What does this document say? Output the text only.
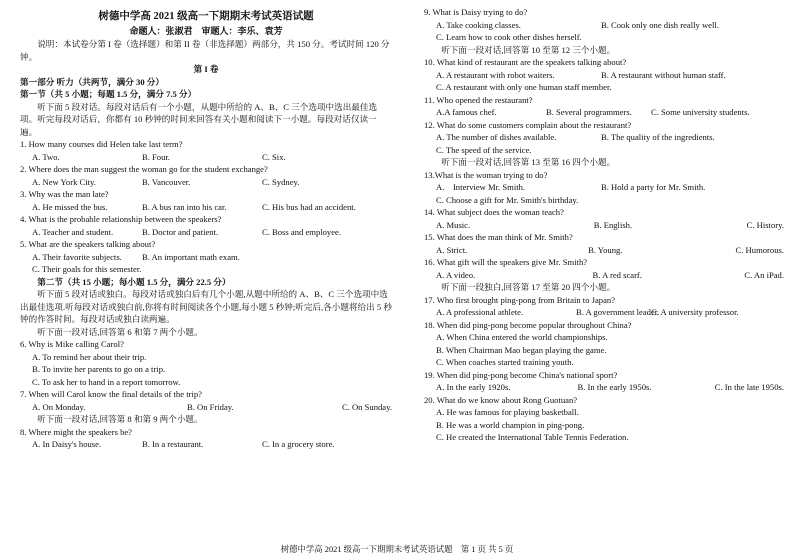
树德中学高 2021 级高一下期期末考试英语试题
命题人：张淑君　审题人：李乐、袁芳
说明：本试卷分第 I 卷（选择题）和第 II 卷（非选择题）两部分，共 150 分。考试时间 120 分钟。
第 I 卷
第一部分 听力（共两节，满分 30 分）
第一节（共 5 小题；每题 1.5 分，满分 7.5 分）
听下面 5 段对话。每段对话后有一个小题，从题中所给的 A、B、C 三个选项中选出最佳选项。听完每段对话后，你都有 10 秒钟的时间来回答有关小题和阅读下一小题。每段对话仅读一遍。
1. How many courses did Helen take last term?
A. Two.	B. Four.	C. Six.
2. Where does the man suggest the woman go for the student exchange?
A. New York City.	B. Vancouver.	C. Sydney.
3. Why was the man late?
A. He missed the bus.	B. A bus ran into his car.	C. His bus had an accident.
4. What is the probable relationship between the speakers?
A. Teacher and student.	B. Doctor and patient.	C. Boss and employee.
5. What are the speakers talking about?
A. Their favorite subjects.	B. An important math exam.
C. Their goals for this semester.
第二节（共 15 小题；每小题 1.5 分，满分 22.5 分）
听下面 5 段对话或独白。每段对话或独白后有几个小题,从题中所给的 A、B、C 三个选项中选出最佳选项.听每段对话或独白前,你将有时间阅读各个小题,每小题 5 秒钟;听完后,各小题将给出 5 秒钟的作答时间。每段对话或独白读两遍。
听下面一段对话,回答第 6 和第 7 两个小题。
6. Why is Mike calling Carol?
A. To remind her about their trip.
B. To invite her parents to go on a trip.
C. To ask her to hand in a report tomorrow.
7. When will Carol know the final details of the trip?
A. On Monday.	B. On Friday.	C. On Sunday.
听下面一段对话,回答第 8 和第 9 两个小题。
8. Where might the speakers be?
A. In Daisy's house.	B. In a restaurant.	C. In a grocery store.
9. What is Daisy trying to do?
A. Take cooking classes.	B. Cook only one dish really well.
C. Learn how to cook other dishes herself.
听下面一段对话,回答第 10 至第 12 三个小题。
10. What kind of restaurant are the speakers talking about?
A. A restaurant with robot waiters.	B. A restaurant without human staff.
C. A restaurant with only one human staff member.
11. Who opened the restaurant?
A.A famous chef.	B. Several programmers.	C. Some university students.
12. What do some customers complain about the restaurant?
A. The number of dishes available.	B. The quality of the ingredients.
C. The speed of the service.
听下面一段对话,回答第 13 至第 16 四个小题。
13.What is the woman trying to do?
A.　Interview Mr. Smith.	B. Hold a party for Mr. Smith.
C. Choose a gift for Mr. Smith's birthday.
14. What subject does the woman teach?
A. Music.	B. English.	C. History.
15. What does the man think of Mr. Smith?
A. Strict.	B. Young.	C. Humorous.
16. What gift will the speakers give Mr. Smith?
A. A video.	B. A red scarf.	C. An iPad.
听下面一段独白,回答第 17 至第 20 四个小题。
17. Who first brought ping-pong from Britain to Japan?
A. A professional athlete.	B. A government leader.
C. A university professor.
18. When did ping-pong become popular throughout China?
A. When China entered the world championships.
B. When Chairman Mao began playing the game.
C. When coaches started training youth.
19. When did ping-pong become China's national sport?
A. In the early 1920s.	B. In the early 1950s.	C. In the late 1950s.
20. What do we know about Rong Guotuan?
A. He was famous for playing basketball.
B. He was a world champion in ping-pong.
C. He created the International Table Tennis Federation.
树德中学高 2021 级高一下期期末考试英语试题　第 1 页 共 5 页
